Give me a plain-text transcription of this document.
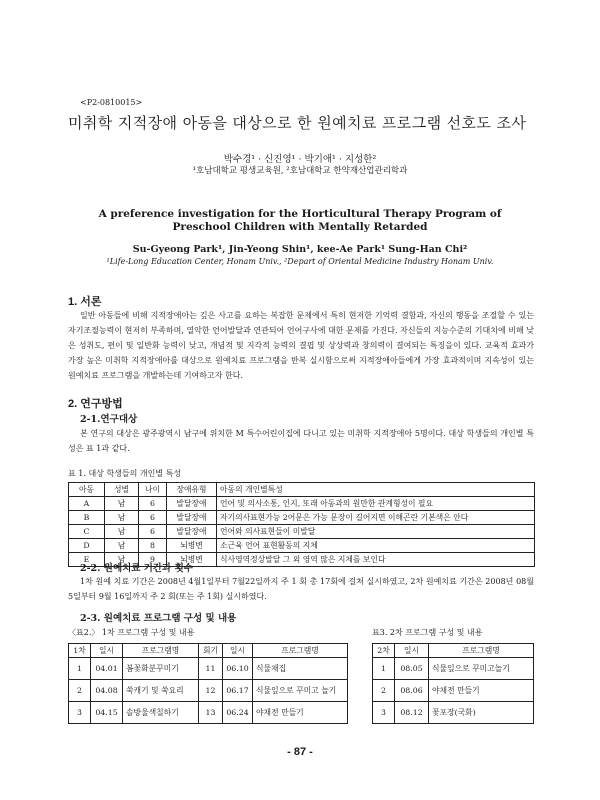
<P2-0810015>
미취학 지적장애 아동을 대상으로 한 원예치료 프로그램 선호도 조사
박수경¹ · 신진영¹ · 박기애¹ · 지성한²
¹호남대학교 평생교육원, ²호남대학교 한약재산업관리학과
A preference investigation for the Horticultural Therapy Program of
Preschool Children with Mentally Retarded
Su-Gyeong Park¹, Jin-Yeong Shin¹, kee-Ae Park¹ Sung-Han Chi²
¹Life-Long Education Center, Honam Univ., ²Depart of Oriental Medicine Industry Honam Univ.
1. 서론

일반 아동들에 비해 지적장애아는 깊은 사고를 요하는 복잡한 문제에서 특히 현저한 기억력 결함과, 자신의 행동을 조절할 수 있는 자기조절능력이 현저히 부족하며, 열악한 언어발달과 연관되어 언어구사에 대한 문제를 가진다. 자신들의 지능수준의 기대치에 비해 낮은 성취도, 편이 및 일반화 능력이 낮고, 개념적 및 지각적 능력의 결핍 및 상상력과 창의력이 결여되는 특징을이 있다. 교육적 효과가 가장 높은 미취학 지적장애아를 대상으로 원예치료 프로그램을 반복 실시함으로써 지적장애아들에게 가장 효과적이며 지속성이 있는 원예치료 프로그램을 개발하는데 기여하고자 한다.

2. 연구방법
2-1.연구대상

본 연구의 대상은 광주광역시 남구에 위치한 M 특수어린이집에 다니고 있는 미취학 지적장애아 5명이다. 대상 학생들의 개인별 특성은 표 1과 같다.

표 1. 대상 학생들의 개인별 특성
아동	성별	나이	장애유형	아동의 개인별특성
A	남	6	발달장애	언어 및 의사소통, 인지, 또래 아동과의 원만한 관계형성이 필요
B	남	6	발달장애	자기의사표현가능 2어문은 가능 문장이 길어지면 이해곤란 기본색은 안다
C	남	6	발달장애	언어와 의사표현들이 미발달
D	남	8	뇌병변	소근육 언어 표현활동의 지체
E	남	9	뇌병변	식사영역정상발달 그 외 영역 많은 지체를 보인다
2-2. 원예치료 기간과 횟수

1차 원예 치료 기간은 2008년 4월1일부터 7월22일까지 주 1 회 총 17회에 걸쳐 실시하였고, 2차 원예치료 기간은 2008년 08월5일부터 9월 16일까지 주 2 회(또는 주 1회) 실시하였다.

2-3. 원예치료 프로그램 구성 및 내용
〈표2.〉 1차 프로그램 구성 및 내용
1차	일시	프로그램명	회기	일시	프로그램명
1	04.01	봄꽃화분꾸미기	11	06.10	식물채집
2	04.08	쑥캐기 및 쑥요리	12	06.17	식물잎으로 꾸미고 놀기
3	04.15	솔방울색칠하기	13	06.24	야채전 만들기
표3. 2차 프로그램 구성 및 내용
2차	일시	프로그램명
1	08.05	식물잎으로 꾸미고놀기
2	08.06	야채전 만들기
3	08.12	꽃포장(국화)
- 87 -
